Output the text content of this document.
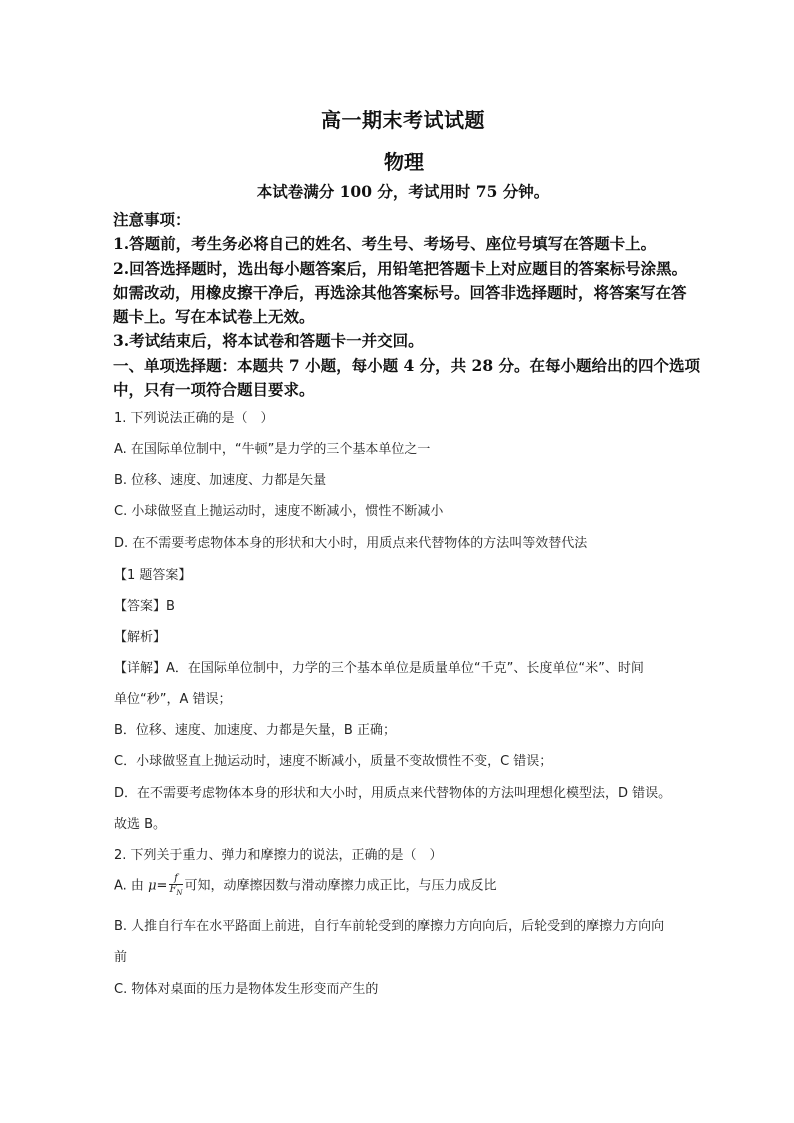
高一期末考试试题
物理
本试卷满分 100 分，考试用时 75 分钟。
注意事项：
1.答题前，考生务必将自己的姓名、考生号、考场号、座位号填写在答题卡上。
2.回答选择题时，选出每小题答案后，用铅笔把答题卡上对应题目的答案标号涂黑。
如需改动，用橡皮擦干净后，再选涂其他答案标号。回答非选择题时，将答案写在答
题卡上。写在本试卷上无效。
3.考试结束后，将本试卷和答题卡一并交回。
一、单项选择题：本题共 7 小题，每小题 4 分，共 28 分。在每小题给出的四个选项
中，只有一项符合题目要求。
1. 下列说法正确的是（　）
A. 在国际单位制中，“牛顿”是力学的三个基本单位之一
B. 位移、速度、加速度、力都是矢量
C. 小球做竖直上抛运动时，速度不断减小，惯性不断减小
D. 在不需要考虑物体本身的形状和大小时，用质点来代替物体的方法叫等效替代法
【1 题答案】
【答案】B
【解析】
【详解】A．在国际单位制中，力学的三个基本单位是质量单位“千克”、长度单位“米”、时间
单位“秒”，A 错误；
B．位移、速度、加速度、力都是矢量，B 正确；
C．小球做竖直上抛运动时，速度不断减小，质量不变故惯性不变，C 错误；
D．在不需要考虑物体本身的形状和大小时，用质点来代替物体的方法叫理想化模型法，D 错误。
故选 B。
2. 下列关于重力、弹力和摩擦力的说法，正确的是（　）
A. 由 $\mu= \frac{f}{F_N}$ 可知，动摩擦因数与滑动摩擦力成正比，与压力成反比
B. 人推自行车在水平路面上前进，自行车前轮受到的摩擦力方向向后，后轮受到的摩擦力方向向
前
C. 物体对桌面的压力是物体发生形变而产生的
